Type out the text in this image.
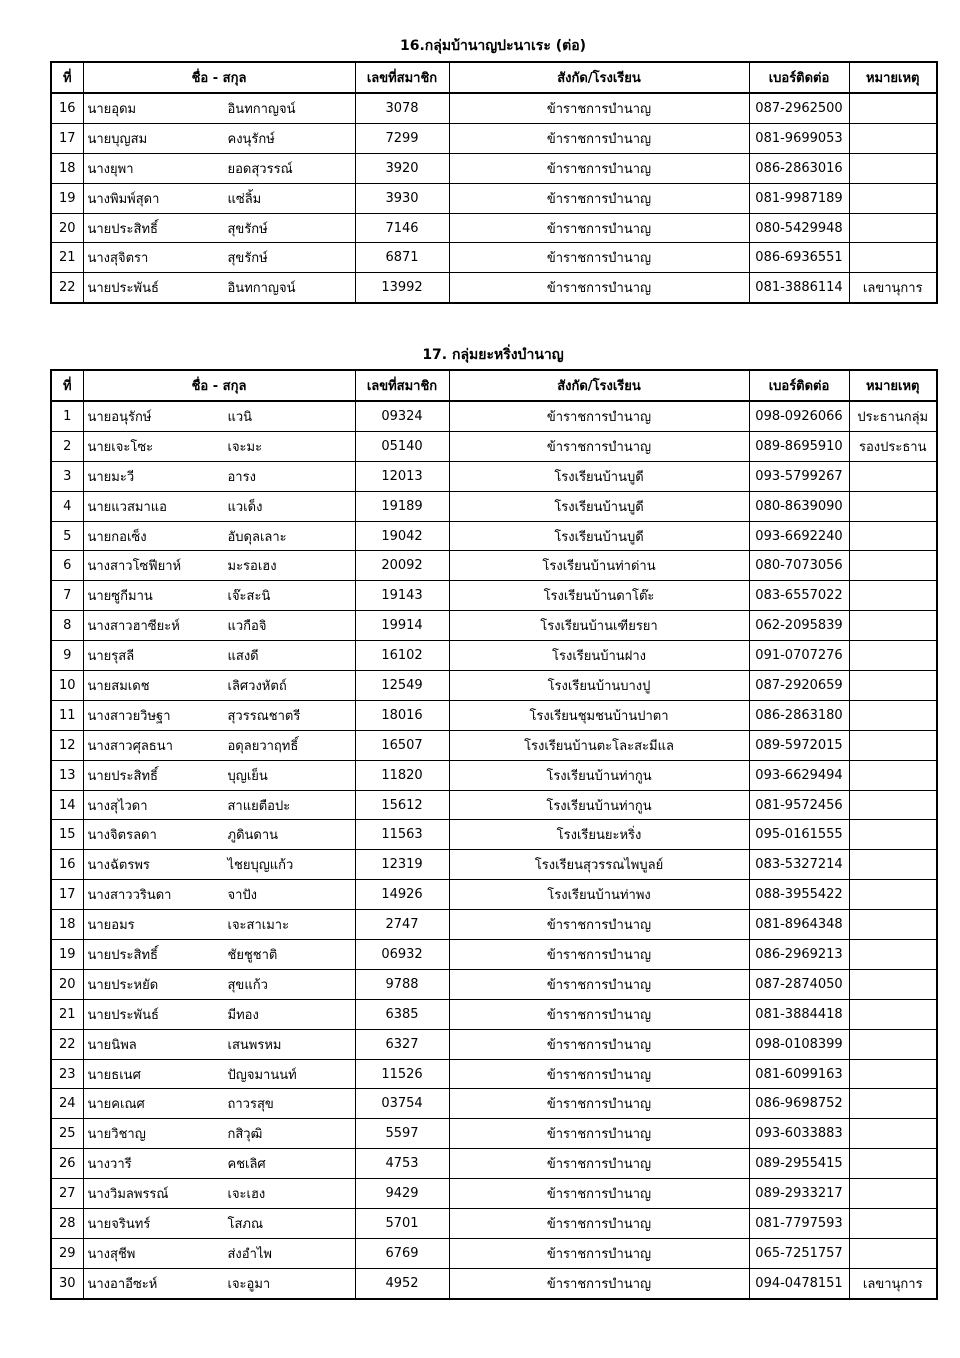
16.กลุ่มบ้านาญปะนาเระ (ต่อ)
ที่	ชื่อ - สกุล	เลขที่สมาชิก	สังกัด/โรงเรียน	เบอร์ติดต่อ	หมายเหตุ
16	นายอุดม อินทกาญจน์	3078	ข้าราชการบำนาญ	087-2962500	
17	นายบุญสม คงนุรักษ์	7299	ข้าราชการบำนาญ	081-9699053	
18	นางยุพา ยอดสุวรรณ์	3920	ข้าราชการบำนาญ	086-2863016	
19	นางพิมพ์สุดา แซ่ลิ้ม	3930	ข้าราชการบำนาญ	081-9987189	
20	นายประสิทธิ์ สุขรักษ์	7146	ข้าราชการบำนาญ	080-5429948	
21	นางสุจิตรา สุขรักษ์	6871	ข้าราชการบำนาญ	086-6936551	
22	นายประพันธ์ อินทกาญจน์	13992	ข้าราชการบำนาญ	081-3886114	เลขานุการ
17. กลุ่มยะหริ่งบำนาญ
ที่	ชื่อ - สกุล	เลขที่สมาชิก	สังกัด/โรงเรียน	เบอร์ติดต่อ	หมายเหตุ
1	นายอนุรักษ์ แวนิ	09324	ข้าราชการบำนาญ	098-0926066	ประธานกลุ่ม
2	นายเจะโซะ เจะมะ	05140	ข้าราชการบำนาญ	089-8695910	รองประธาน
3	นายมะวี อารง	12013	โรงเรียนบ้านบูดี	093-5799267	
4	นายแวสมาแอ แวเด็ง	19189	โรงเรียนบ้านบูดี	080-8639090	
5	นายกอเซ็ง อับดุลเลาะ	19042	โรงเรียนบ้านบูดี	093-6692240	
6	นางสาวโซฟียาห์ มะรอเฮง	20092	โรงเรียนบ้านท่าด่าน	080-7073056	
7	นายซูกีมาน เจ๊ะสะนิ	19143	โรงเรียนบ้านดาโต๊ะ	083-6557022	
8	นางสาวฮาซียะห์ แวกือจิ	19914	โรงเรียนบ้านเฑียรยา	062-2095839	
9	นายรุสลี แสงดี	16102	โรงเรียนบ้านฝาง	091-0707276	
10	นายสมเดช เลิศวงหัตถ์	12549	โรงเรียนบ้านบางปู	087-2920659	
11	นางสาวยวิษฐา สุวรรณชาตรี	18016	โรงเรียนชุมชนบ้านปาตา	086-2863180	
12	นางสาวศุลธนา อดุลยวาฤทธิ์	16507	โรงเรียนบ้านตะโละสะมีแล	089-5972015	
13	นายประสิทธิ์ บุญเย็น	11820	โรงเรียนบ้านท่ากูน	093-6629494	
14	นางสุไวดา สาแยตือปะ	15612	โรงเรียนบ้านท่ากูน	081-9572456	
15	นางจิตรลดา ภูดินดาน	11563	โรงเรียนยะหริ่ง	095-0161555	
16	นางฉัตรพร ไชยบุญแก้ว	12319	โรงเรียนสุวรรณไพบูลย์	083-5327214	
17	นางสาววรินดา จาปัง	14926	โรงเรียนบ้านท่าพง	088-3955422	
18	นายอมร เจะสาเมาะ	2747	ข้าราชการบำนาญ	081-8964348	
19	นายประสิทธิ์ ชัยชูชาติ	06932	ข้าราชการบำนาญ	086-2969213	
20	นายประหยัด สุขแก้ว	9788	ข้าราชการบำนาญ	087-2874050	
21	นายประพันธ์ มีทอง	6385	ข้าราชการบำนาญ	081-3884418	
22	นายนิพล เสนพรหม	6327	ข้าราชการบำนาญ	098-0108399	
23	นายธเนศ ปัญจมานนท์	11526	ข้าราชการบำนาญ	081-6099163	
24	นายคเณศ ถาวรสุข	03754	ข้าราชการบำนาญ	086-9698752	
25	นายวิชาญ กสิวุฒิ	5597	ข้าราชการบำนาญ	093-6033883	
26	นางวารี คชเลิศ	4753	ข้าราชการบำนาญ	089-2955415	
27	นางวิมลพรรณ์ เจะเฮง	9429	ข้าราชการบำนาญ	089-2933217	
28	นายจรินทร์ โสภณ	5701	ข้าราชการบำนาญ	081-7797593	
29	นางสุชีพ ส่งอำไพ	6769	ข้าราชการบำนาญ	065-7251757	
30	นางอาอีซะห์ เจะอูมา	4952	ข้าราชการบำนาญ	094-0478151	เลขานุการ
